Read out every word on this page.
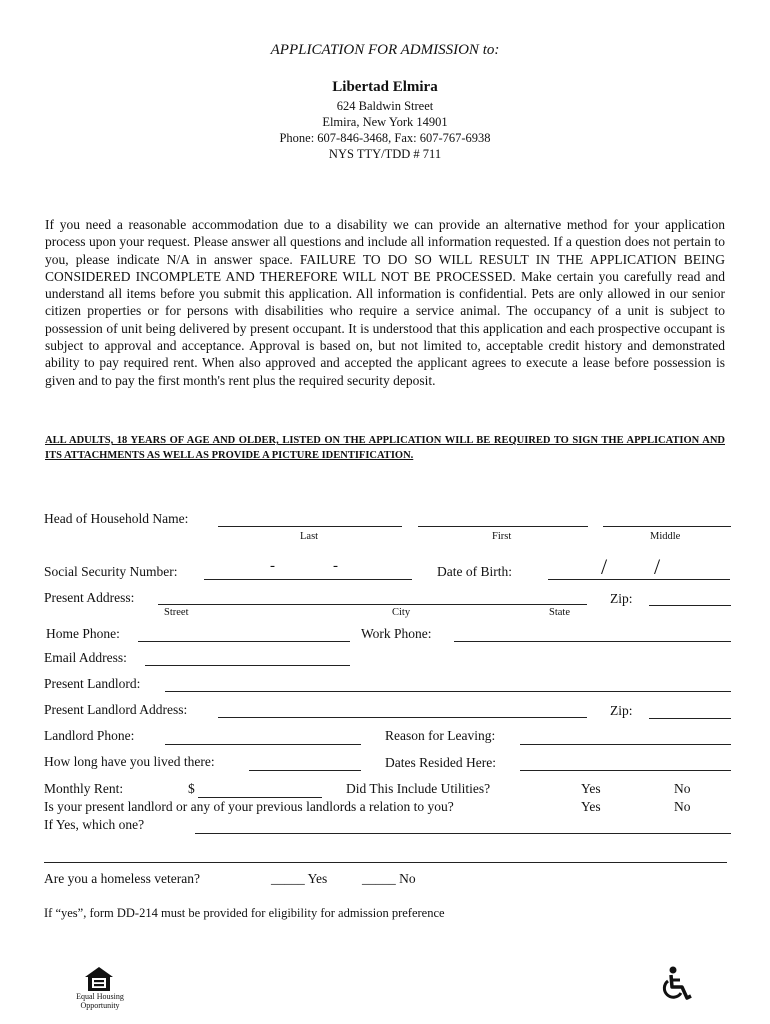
APPLICATION FOR ADMISSION to:
Libertad Elmira
624 Baldwin Street
Elmira, New York 14901
Phone: 607-846-3468, Fax: 607-767-6938
NYS TTY/TDD # 711
If you need a reasonable accommodation due to a disability we can provide an alternative method for your application process upon your request. Please answer all questions and include all information requested. If a question does not pertain to you, please indicate N/A in answer space. FAILURE TO DO SO WILL RESULT IN THE APPLICATION BEING CONSIDERED INCOMPLETE AND THEREFORE WILL NOT BE PROCESSED. Make certain you carefully read and understand all items before you submit this application. All information is confidential. Pets are only allowed in our senior citizen properties or for persons with disabilities who require a service animal. The occupancy of a unit is subject to possession of unit being delivered by present occupant. It is understood that this application and each prospective occupant is subject to approval and acceptance. Approval is based on, but not limited to, acceptable credit history and demonstrated ability to pay required rent. When also approved and accepted the applicant agrees to execute a lease before possession is given and to pay the first month's rent plus the required security deposit.
ALL ADULTS, 18 YEARS OF AGE AND OLDER, LISTED ON THE APPLICATION WILL BE REQUIRED TO SIGN THE APPLICATION AND ITS ATTACHMENTS AS WELL AS PROVIDE A PICTURE IDENTIFICATION.
Head of Household Name:
Last	First	Middle
Social Security Number:	-	-	Date of Birth:	/ /
Present Address:	Zip:
Street	City	State
Home Phone:	Work Phone:
Email Address:
Present Landlord:
Present Landlord Address:	Zip:
Landlord Phone:	Reason for Leaving:
How long have you lived there:	Dates Resided Here:
Monthly Rent:	$	Did This Include Utilities?	Yes	No
Is your present landlord or any of your previous landlords a relation to you?	Yes	No
If Yes, which one?
Are you a homeless veteran?	_____ Yes	_____ No
If “yes”, form DD-214 must be provided for eligibility for admission preference
Equal Housing
Opportunity
